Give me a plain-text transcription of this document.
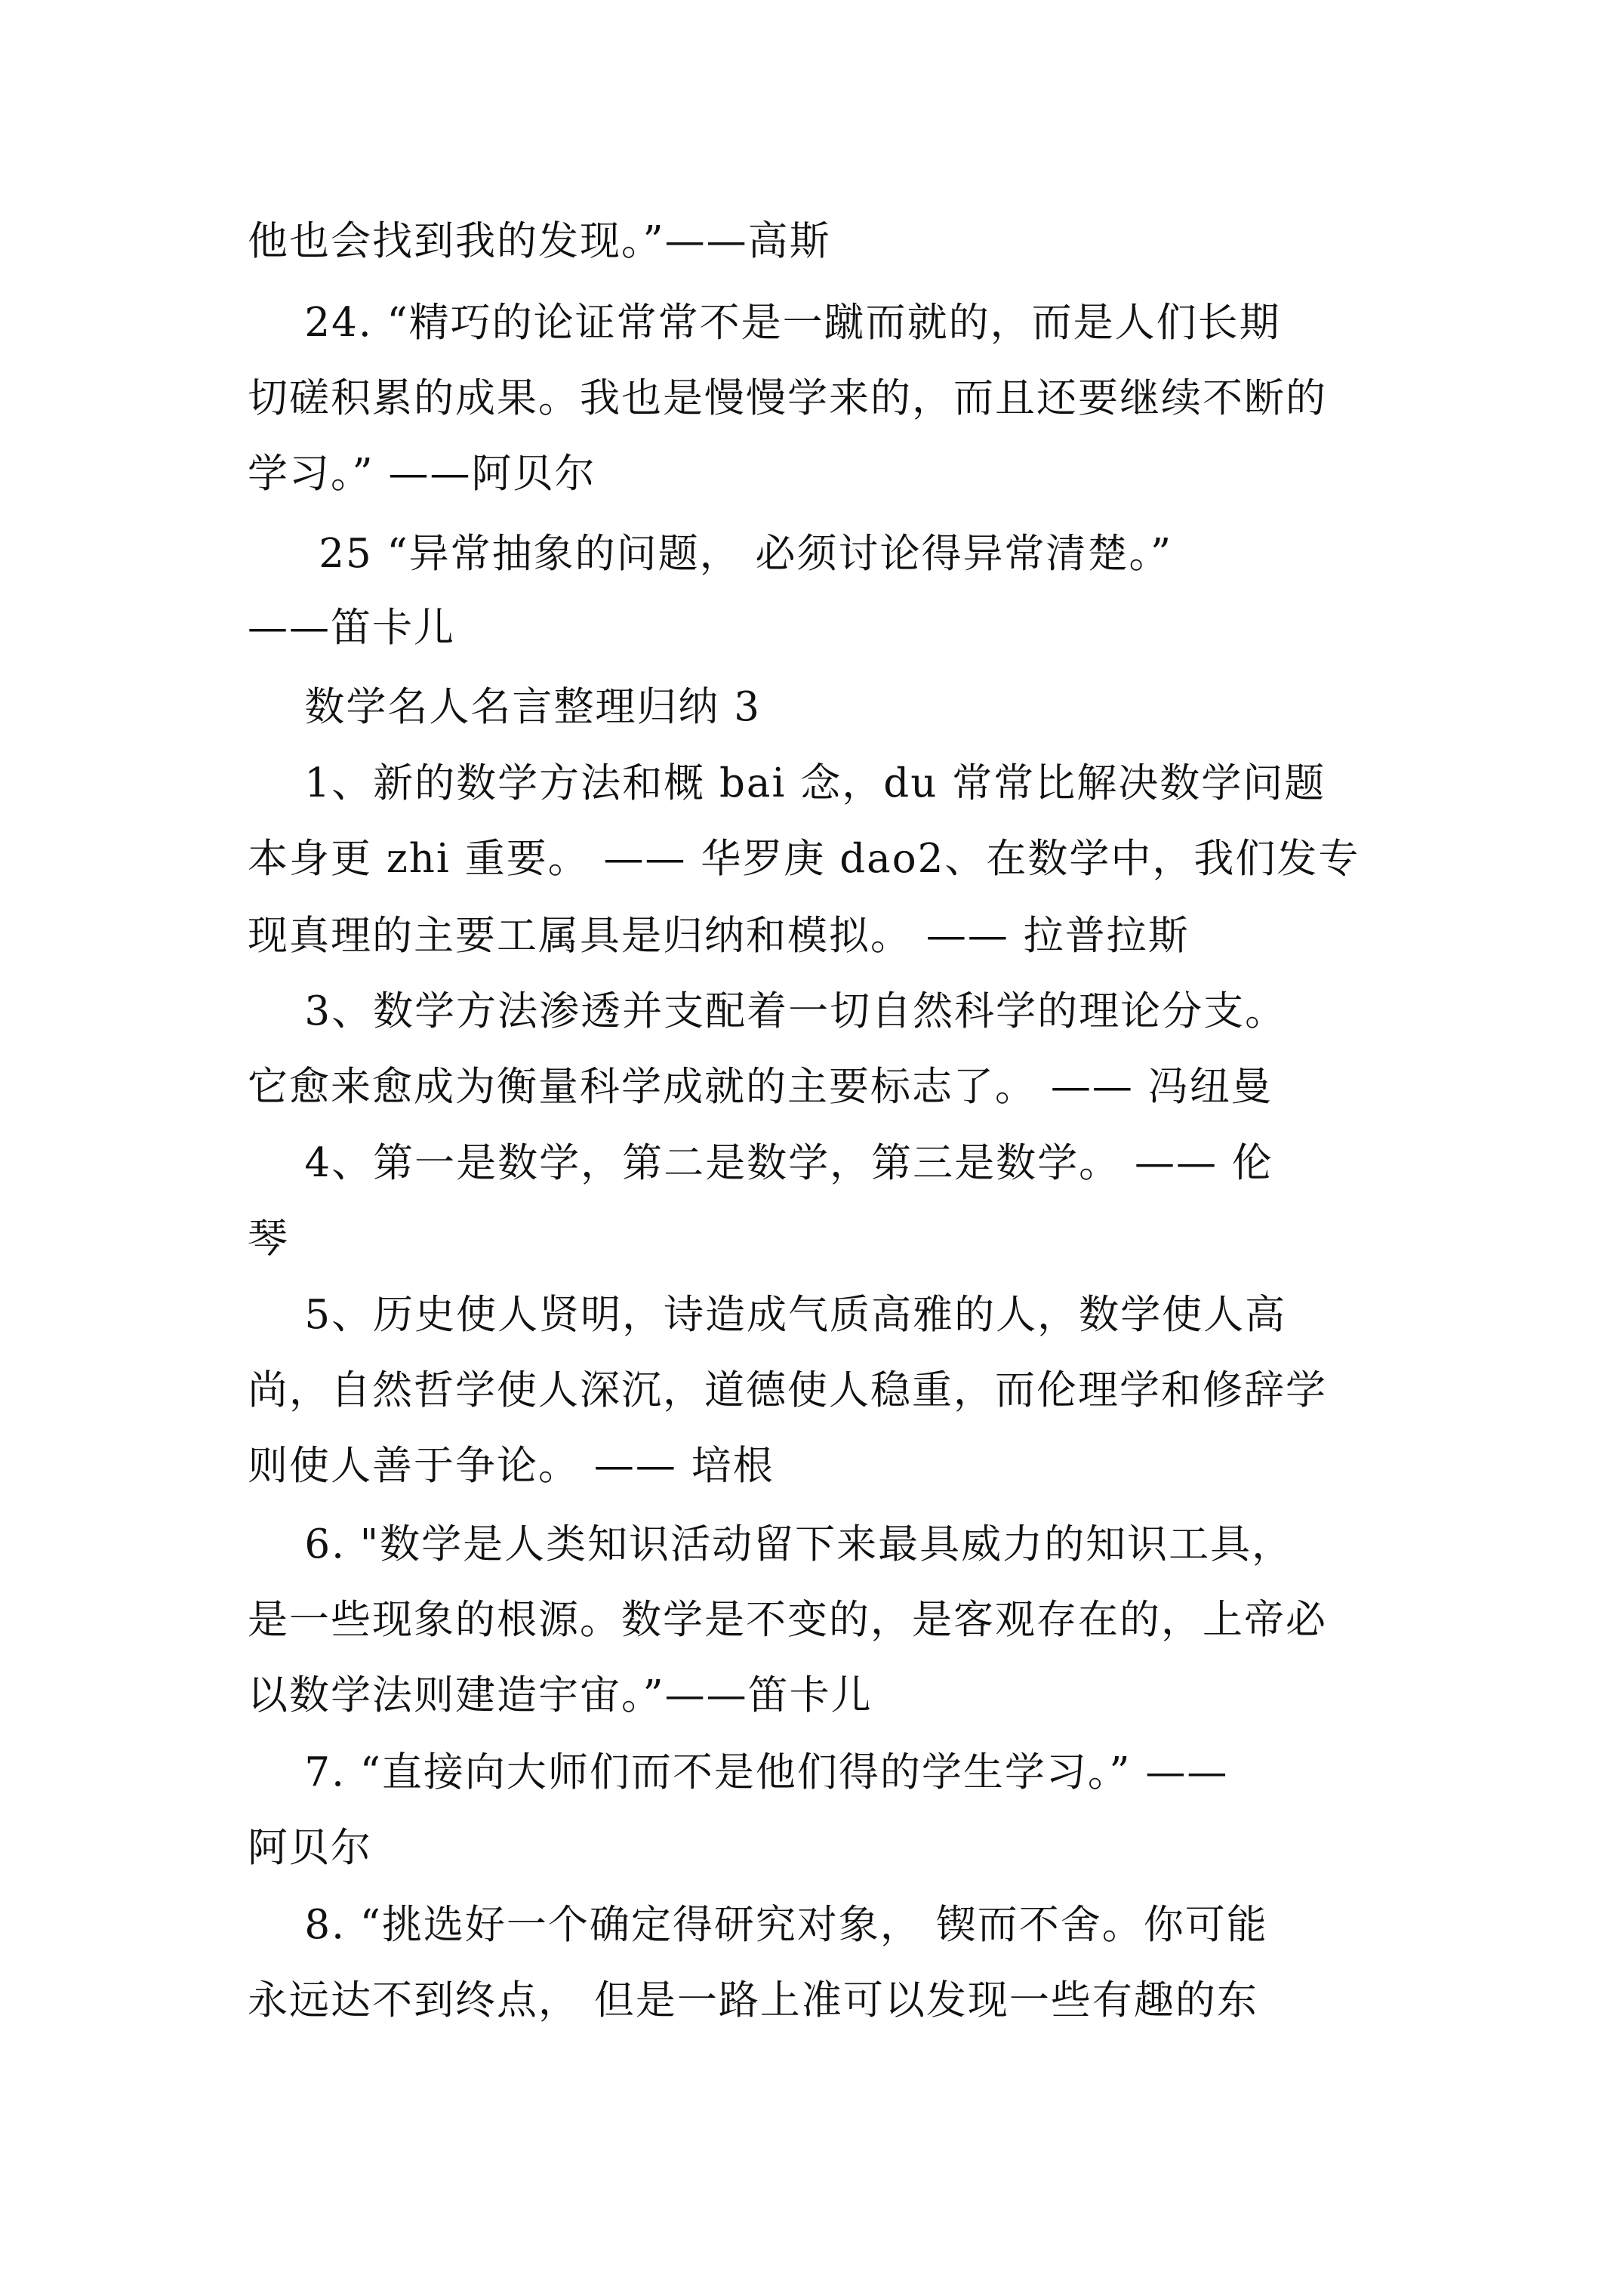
他也会找到我的发现。”——高斯
24. “精巧的论证常常不是一蹴而就的，而是人们长期
切磋积累的成果。我也是慢慢学来的，而且还要继续不断的
学习。” ——阿贝尔
25 “异常抽象的问题， 必须讨论得异常清楚。”
——笛卡儿
数学名人名言整理归纳 3
1、新的数学方法和概 bai 念，du 常常比解决数学问题
本身更 zhi 重要。 —— 华罗庚 dao2、在数学中，我们发专
现真理的主要工属具是归纳和模拟。 —— 拉普拉斯
3、数学方法渗透并支配着一切自然科学的理论分支。
它愈来愈成为衡量科学成就的主要标志了。 —— 冯纽曼
4、第一是数学，第二是数学，第三是数学。 —— 伦
琴
5、历史使人贤明，诗造成气质高雅的人，数学使人高
尚，自然哲学使人深沉，道德使人稳重，而伦理学和修辞学
则使人善于争论。 —— 培根
6. "数学是人类知识活动留下来最具威力的知识工具，
是一些现象的根源。数学是不变的，是客观存在的，上帝必
以数学法则建造宇宙。”——笛卡儿
7. “直接向大师们而不是他们得的学生学习。” ——
阿贝尔
8. “挑选好一个确定得研究对象， 锲而不舍。你可能
永远达不到终点， 但是一路上准可以发现一些有趣的东
